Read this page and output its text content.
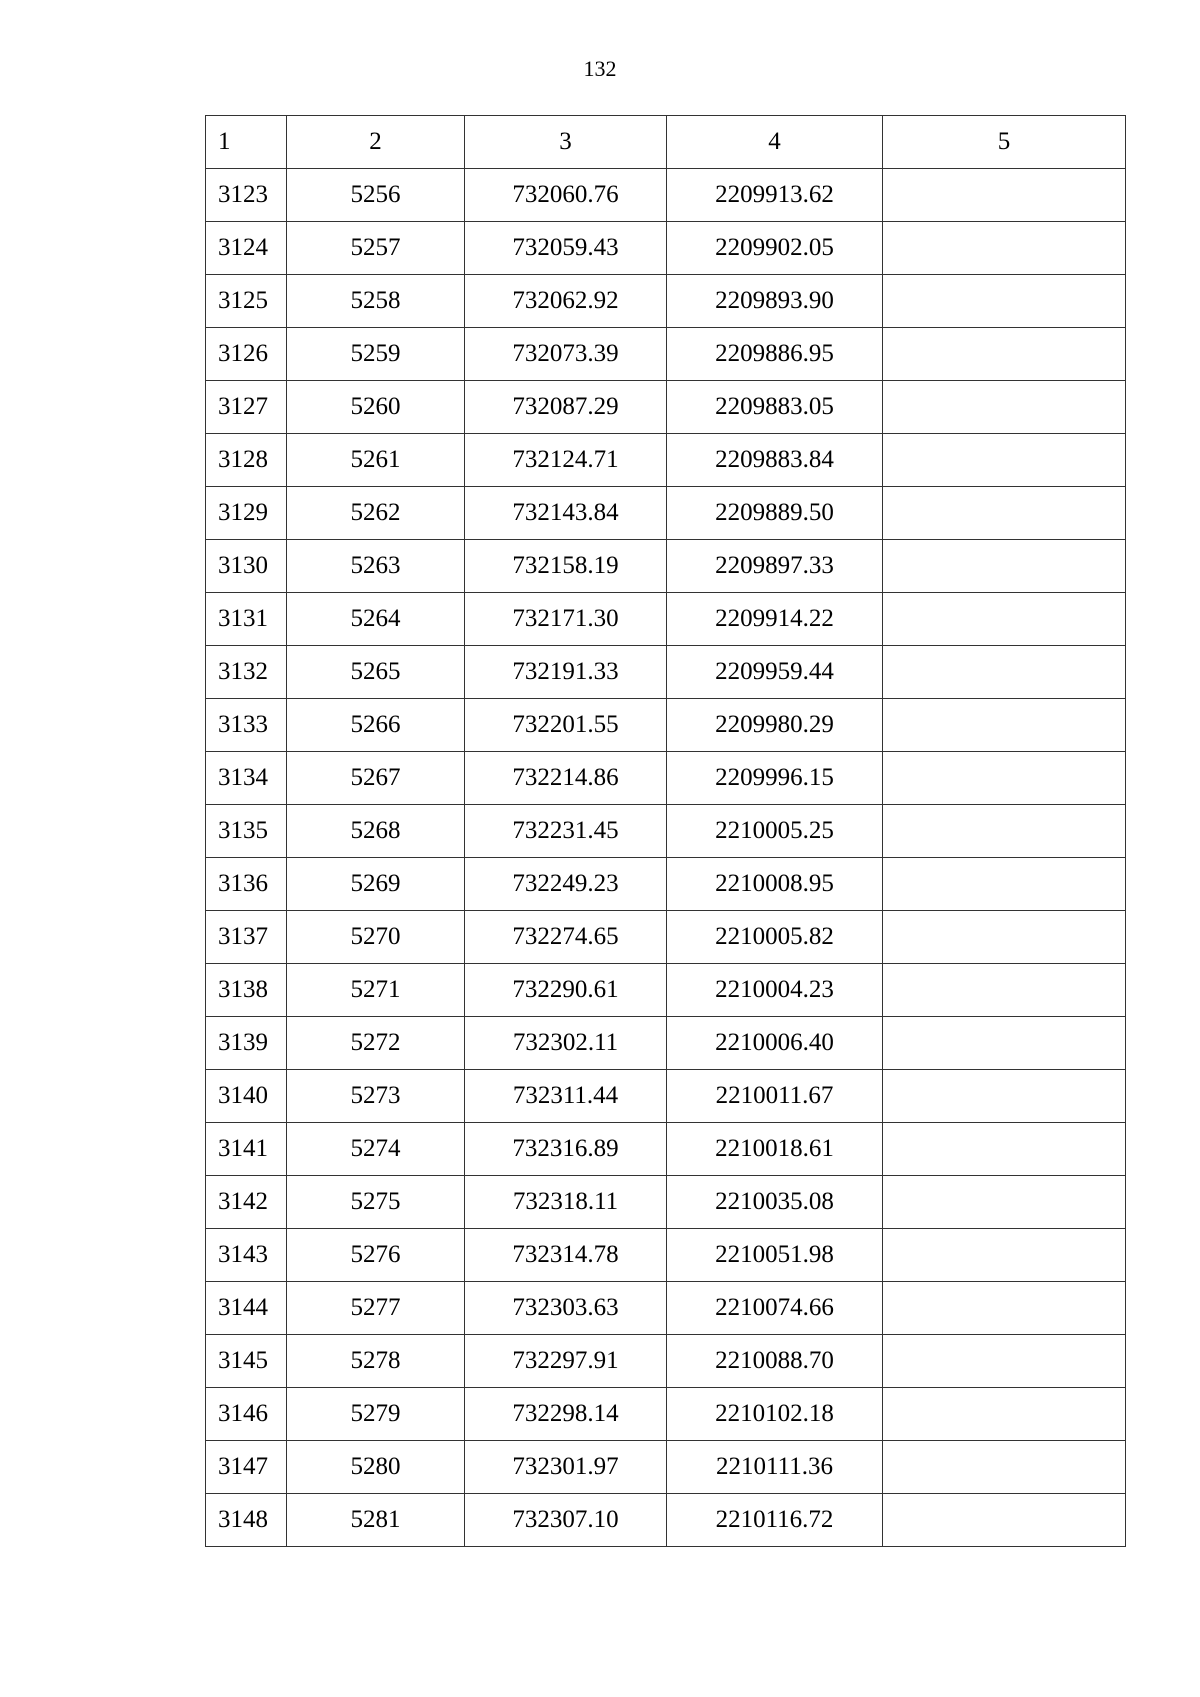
132
1	2	3	4	5
3123	5256	732060.76	2209913.62	
3124	5257	732059.43	2209902.05	
3125	5258	732062.92	2209893.90	
3126	5259	732073.39	2209886.95	
3127	5260	732087.29	2209883.05	
3128	5261	732124.71	2209883.84	
3129	5262	732143.84	2209889.50	
3130	5263	732158.19	2209897.33	
3131	5264	732171.30	2209914.22	
3132	5265	732191.33	2209959.44	
3133	5266	732201.55	2209980.29	
3134	5267	732214.86	2209996.15	
3135	5268	732231.45	2210005.25	
3136	5269	732249.23	2210008.95	
3137	5270	732274.65	2210005.82	
3138	5271	732290.61	2210004.23	
3139	5272	732302.11	2210006.40	
3140	5273	732311.44	2210011.67	
3141	5274	732316.89	2210018.61	
3142	5275	732318.11	2210035.08	
3143	5276	732314.78	2210051.98	
3144	5277	732303.63	2210074.66	
3145	5278	732297.91	2210088.70	
3146	5279	732298.14	2210102.18	
3147	5280	732301.97	2210111.36	
3148	5281	732307.10	2210116.72	
